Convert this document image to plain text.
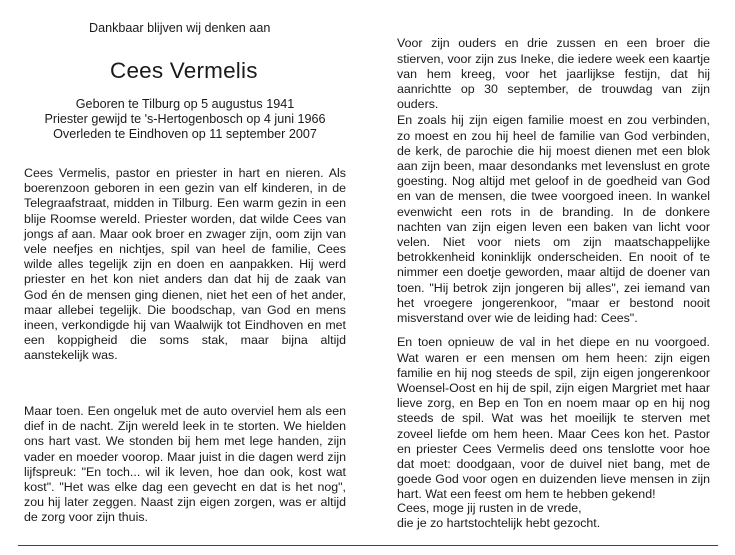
Dankbaar blijven wij denken aan
Cees Vermelis
Geboren te Tilburg op 5 augustus 1941
Priester gewijd te 's-Hertogenbosch op 4 juni 1966
Overleden te Eindhoven op 11 september 2007

Cees Vermelis, pastor en priester in hart en nieren. Als boerenzoon geboren in een gezin van elf kinderen, in de Telegraafstraat, midden in Tilburg. Een warm gezin in een blije Roomse wereld. Priester worden, dat wilde Cees van jongs af aan. Maar ook broer en zwager zijn, oom zijn van vele neefjes en nichtjes, spil van heel de familie, Cees wilde alles tegelijk zijn en doen en aanpakken. Hij werd priester en het kon niet anders dan dat hij de zaak van God én de mensen ging dienen, niet het een of het ander, maar allebei tegelijk. Die boodschap, van God en mens ineen, verkondigde hij van Waalwijk tot Eindhoven en met een koppigheid die soms stak, maar bijna altijd aanstekelijk was.

Maar toen. Een ongeluk met de auto overviel hem als een dief in de nacht. Zijn wereld leek in te storten. We hielden ons hart vast. We stonden bij hem met lege handen, zijn vader en moeder voorop. Maar juist in die dagen werd zijn lijfspreuk: "En toch... wil ik leven, hoe dan ook, kost wat kost". "Het was elke dag een gevecht en dat is het nog", zou hij later zeggen. Naast zijn eigen zorgen, was er altijd de zorg voor zijn thuis.

Voor zijn ouders en drie zussen en een broer die stierven, voor zijn zus Ineke, die iedere week een kaartje van hem kreeg, voor het jaarlijkse festijn, dat hij aanrichtte op 30 september, de trouwdag van zijn ouders.

En zoals hij zijn eigen familie moest en zou verbinden, zo moest en zou hij heel de familie van God verbinden, de kerk, de parochie die hij moest dienen met een blok aan zijn been, maar desondanks met levenslust en grote goesting. Nog altijd met geloof in de goedheid van God en van de mensen, die twee voorgoed ineen. In wankel evenwicht een rots in de branding. In de donkere nachten van zijn eigen leven een baken van licht voor velen. Niet voor niets om zijn maatschappelijke betrokkenheid koninklijk onderscheiden. En nooit of te nimmer een doetje geworden, maar altijd de doener van toen. "Hij betrok zijn jongeren bij alles", zei iemand van het vroegere jongerenkoor, "maar er bestond nooit misverstand over wie de leiding had: Cees".

En toen opnieuw de val in het diepe en nu voorgoed. Wat waren er een mensen om hem heen: zijn eigen familie en hij nog steeds de spil, zijn eigen jongerenkoor Woensel-Oost en hij de spil, zijn eigen Margriet met haar lieve zorg, en Bep en Ton en noem maar op en hij nog steeds de spil. Wat was het moeilijk te sterven met zoveel liefde om hem heen. Maar Cees kon het. Pastor en priester Cees Vermelis deed ons tenslotte voor hoe dat moet: doodgaan, voor de duivel niet bang, met de goede God voor ogen en duizenden lieve mensen in zijn hart. Wat een feest om hem te hebben gekend!

Cees, moge jij rusten in de vrede,
die je zo hartstochtelijk hebt gezocht.
